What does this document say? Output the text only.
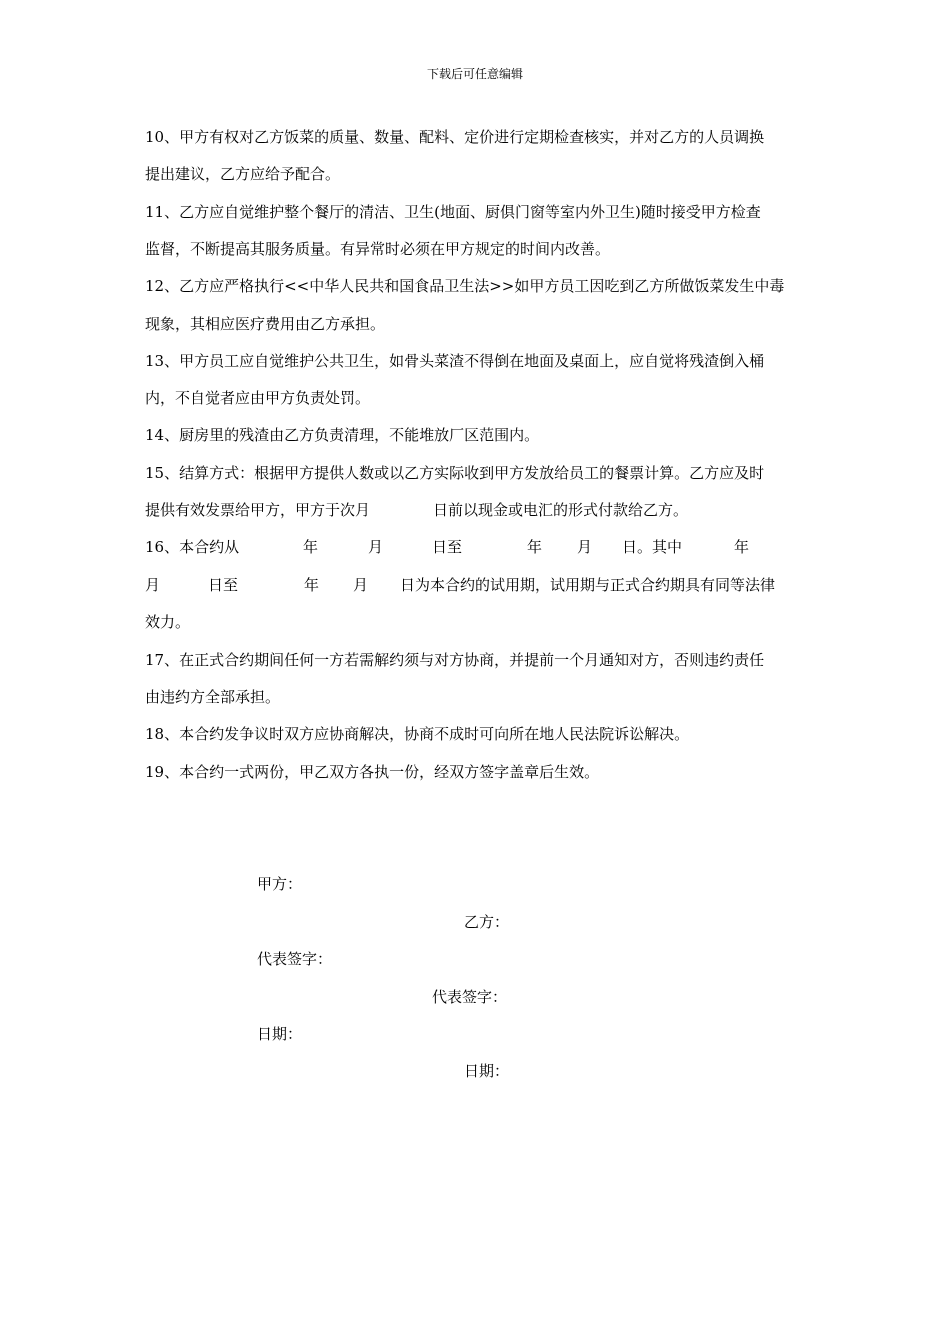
下载后可任意编辑
10、甲方有权对乙方饭菜的质量、数量、配料、定价进行定期检查核实，并对乙方的人员调换
提出建议，乙方应给予配合。
11、乙方应自觉维护整个餐厅的清洁、卫生(地面、厨俱门窗等室内外卫生)随时接受甲方检查
监督，不断提高其服务质量。有异常时必须在甲方规定的时间内改善。
12、乙方应严格执行<<中华人民共和国食品卫生法>>如甲方员工因吃到乙方所做饭菜发生中毒
现象，其相应医疗费用由乙方承担。
13、甲方员工应自觉维护公共卫生，如骨头菜渣不得倒在地面及桌面上，应自觉将残渣倒入桶
内，不自觉者应由甲方负责处罚。
14、厨房里的残渣由乙方负责清理，不能堆放厂区范围内。
15、结算方式：根据甲方提供人数或以乙方实际收到甲方发放给员工的餐票计算。乙方应及时
提供有效发票给甲方，甲方于次月	日前以现金或电汇的形式付款给乙方。
16、本合约从	年	月	日至	年 月 日。其中	年
月	日至	年 月 日为本合约的试用期，试用期与正式合约期具有同等法律
效力。
17、在正式合约期间任何一方若需解约须与对方协商，并提前一个月通知对方，否则违约责任
由违约方全部承担。
18、本合约发争议时双方应协商解决，协商不成时可向所在地人民法院诉讼解决。
19、本合约一式两份，甲乙双方各执一份，经双方签字盖章后生效。
甲方：
乙方：
代表签字：
代表签字：
日期：
日期：
